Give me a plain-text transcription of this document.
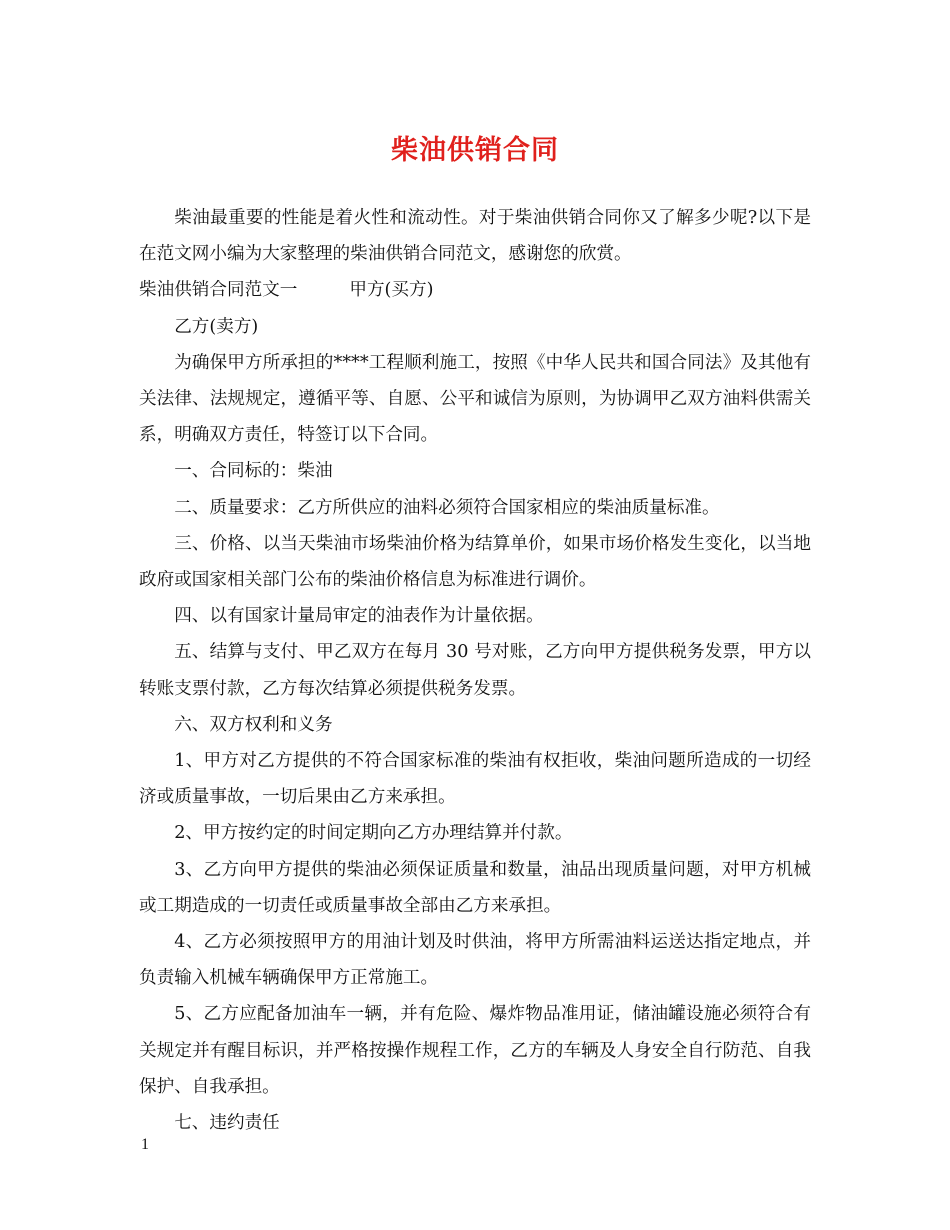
柴油供销合同

柴油最重要的性能是着火性和流动性。对于柴油供销合同你又了解多少呢?以下是在范文网小编为大家整理的柴油供销合同范文，感谢您的欣赏。

柴油供销合同范文一	甲方(买方)

乙方(卖方)

为确保甲方所承担的****工程顺利施工，按照《中华人民共和国合同法》及其他有关法律、法规规定，遵循平等、自愿、公平和诚信为原则，为协调甲乙双方油料供需关系，明确双方责任，特签订以下合同。

一、合同标的：柴油

二、质量要求：乙方所供应的油料必须符合国家相应的柴油质量标准。

三、价格、以当天柴油市场柴油价格为结算单价，如果市场价格发生变化，以当地政府或国家相关部门公布的柴油价格信息为标准进行调价。

四、以有国家计量局审定的油表作为计量依据。

五、结算与支付、甲乙双方在每月 30 号对账，乙方向甲方提供税务发票，甲方以转账支票付款，乙方每次结算必须提供税务发票。

六、双方权利和义务

1、甲方对乙方提供的不符合国家标准的柴油有权拒收，柴油问题所造成的一切经济或质量事故，一切后果由乙方来承担。

2、甲方按约定的时间定期向乙方办理结算并付款。

3、乙方向甲方提供的柴油必须保证质量和数量，油品出现质量问题，对甲方机械或工期造成的一切责任或质量事故全部由乙方来承担。

4、乙方必须按照甲方的用油计划及时供油，将甲方所需油料运送达指定地点，并负责输入机械车辆确保甲方正常施工。

5、乙方应配备加油车一辆，并有危险、爆炸物品准用证，储油罐设施必须符合有关规定并有醒目标识，并严格按操作规程工作，乙方的车辆及人身安全自行防范、自我保护、自我承担。

七、违约责任

1
